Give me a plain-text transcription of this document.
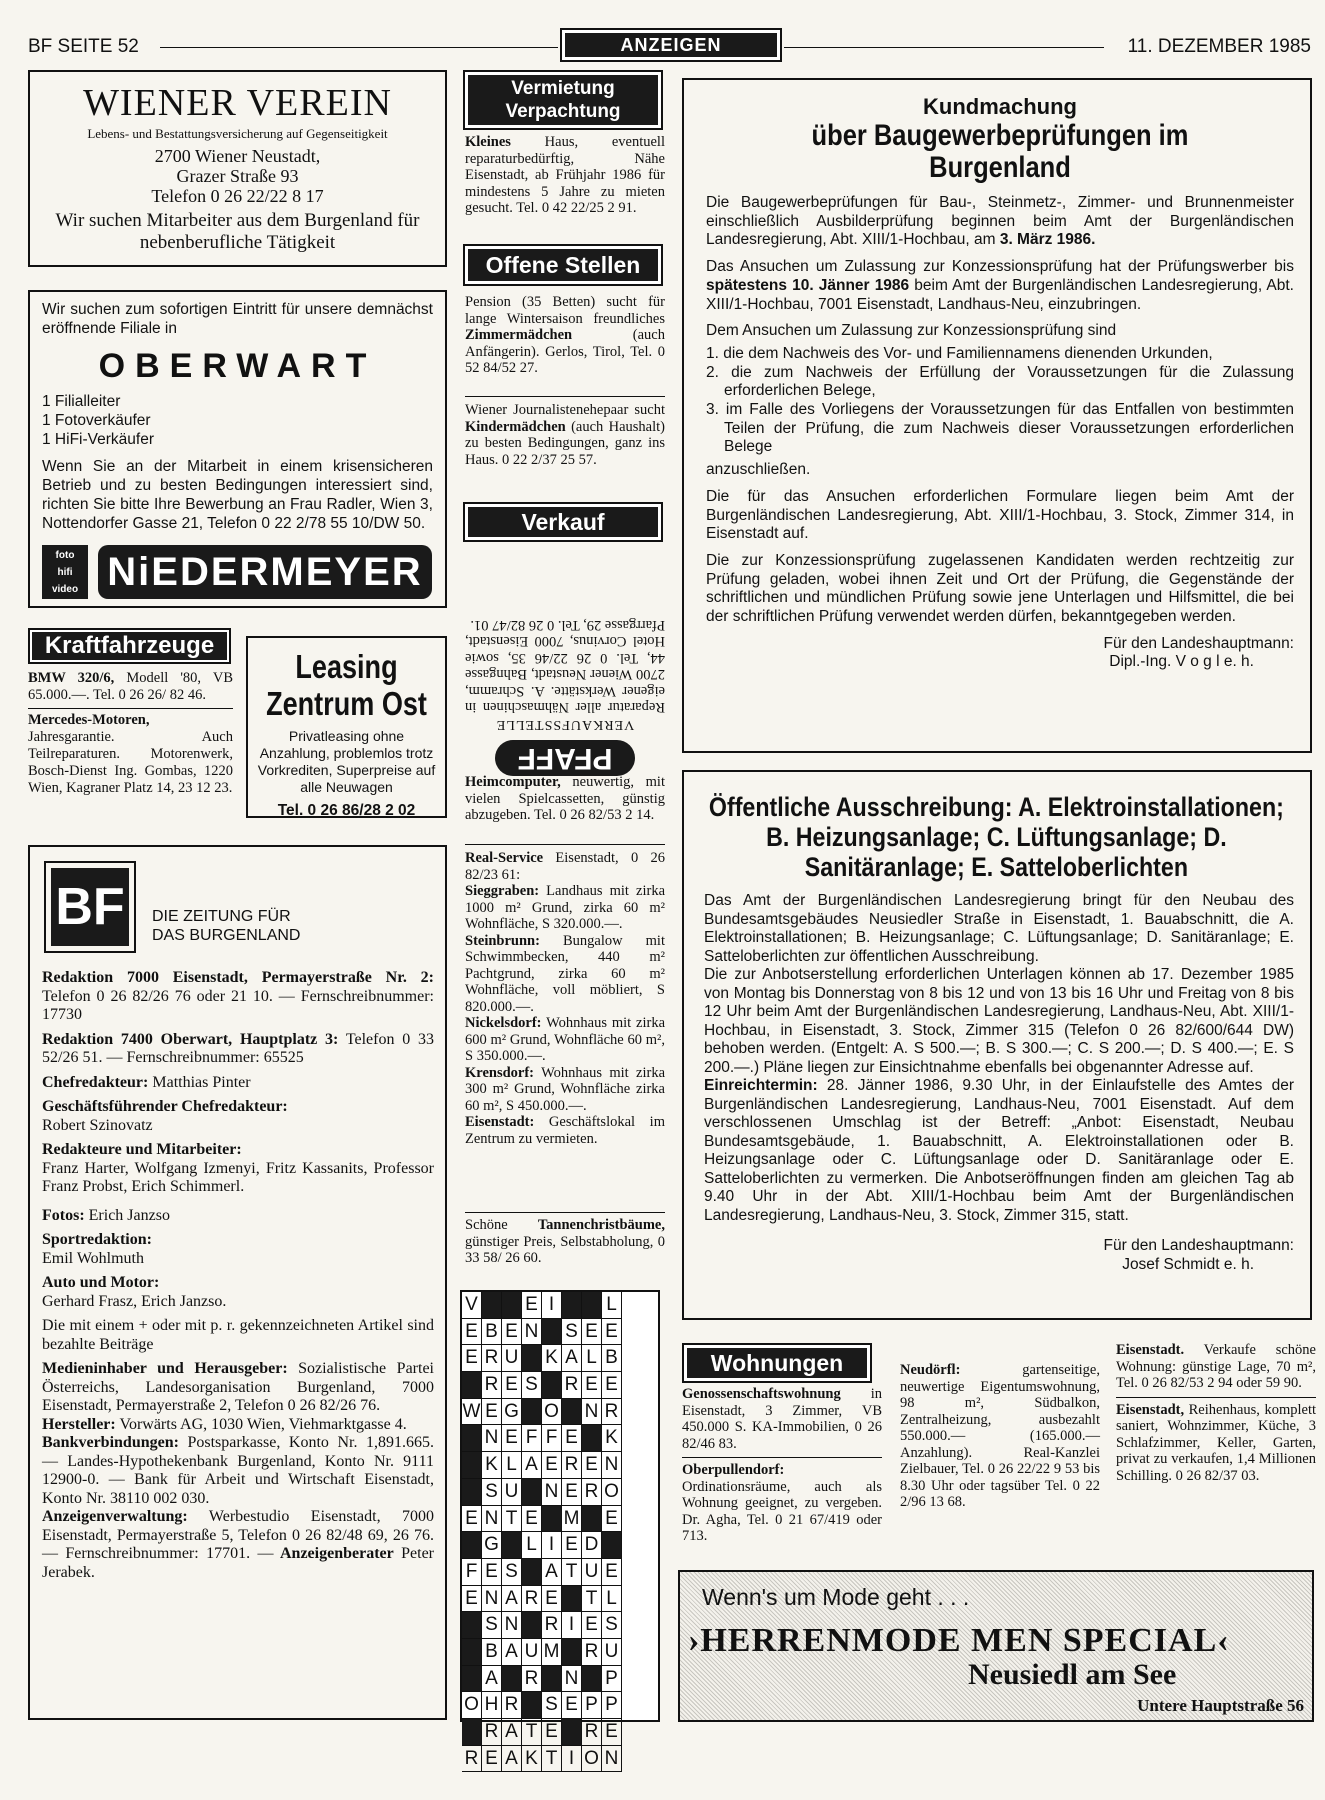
BF SEITE 52	ANZEIGEN	11. DEZEMBER 1985
WIENER VEREIN
Lebens- und Bestattungsversicherung auf Gegenseitigkeit
2700 Wiener Neustadt,
Grazer Straße 93
Telefon 0 26 22/22 8 17
Wir suchen Mitarbeiter aus dem Burgenland für nebenberufliche Tätigkeit

Wir suchen zum sofortigen Eintritt für unsere demnächst eröffnende Filiale in

OBERWART
1 Filialleiter
1 Fotoverkäufer
1 HiFi-Verkäufer

Wenn Sie an der Mitarbeit in einem krisensicheren Betrieb und zu besten Bedingungen interessiert sind, richten Sie bitte Ihre Bewerbung an Frau Radler, Wien 3, Nottendorfer Gasse 21, Telefon 0 22 2/78 55 10/DW 50.

foto
hifi
video NiEDERMEYER
Kraftfahrzeuge

BMW 320/6, Modell '80, VB 65.000.—. Tel. 0 26 26/ 82 46.

Mercedes-Motoren, Jahresgarantie. Auch Teilreparaturen. Motorenwerk, Bosch-Dienst Ing. Gombas, 1220 Wien, Kagraner Platz 14, 23 12 23.

Leasing
Zentrum Ost
Privatleasing ohne Anzahlung, problemlos trotz Vorkrediten, Superpreise auf alle Neuwagen
Tel. 0 26 86/28 2 02
BF DIE ZEITUNG FÜR
DAS BURGENLAND

Redaktion 7000 Eisenstadt, Permayerstraße Nr. 2: Telefon 0 26 82/26 76 oder 21 10. — Fernschreibnummer: 17730

Redaktion 7400 Oberwart, Hauptplatz 3: Telefon 0 33 52/26 51. — Fernschreibnummer: 65525

Chefredakteur: Matthias Pinter

Geschäftsführender Chefredakteur:
Robert Szinovatz

Redakteure und Mitarbeiter:
Franz Harter, Wolfgang Izmenyi, Fritz Kassanits, Professor Franz Probst, Erich Schimmerl.

Fotos: Erich Janzso

Sportredaktion:
Emil Wohlmuth

Auto und Motor:
Gerhard Frasz, Erich Janzso.

Die mit einem + oder mit p. r. gekennzeichneten Artikel sind bezahlte Beiträge

Medieninhaber und Herausgeber: Sozialistische Partei Österreichs, Landesorganisation Burgenland, 7000 Eisenstadt, Permayerstraße 2, Telefon 0 26 82/26 76.
Hersteller: Vorwärts AG, 1030 Wien, Viehmarktgasse 4.
Bankverbindungen: Postsparkasse, Konto Nr. 1,891.665. — Landes-Hypothekenbank Burgenland, Konto Nr. 9111 12900-0. — Bank für Arbeit und Wirtschaft Eisenstadt, Konto Nr. 38110 002 030.
Anzeigenverwaltung: Werbestudio Eisenstadt, 7000 Eisenstadt, Permayerstraße 5, Telefon 0 26 82/48 69, 26 76. — Fernschreibnummer: 17701. — Anzeigenberater Peter Jerabek.

Vermietung
Verpachtung
Kleines Haus, eventuell reparaturbedürftig, Nähe Eisenstadt, ab Frühjahr 1986 für mindestens 5 Jahre zu mieten gesucht. Tel. 0 42 22/25 2 91.
Offene Stellen
Pension (35 Betten) sucht für lange Wintersaison freundliches Zimmermädchen (auch Anfängerin). Gerlos, Tirol, Tel. 0 52 84/52 27.
Wiener Journalistenehepaar sucht Kindermädchen (auch Haushalt) zu besten Bedingungen, ganz ins Haus. 0 22 2/37 25 57.
Verkauf
PFAFF
VERKAUFSSTELLE
Reparatur aller Nähmaschinen in eigener Werkstätte. A. Schramm, 2700 Wiener Neustadt, Bahngasse 44, Tel. 0 26 22/46 35, sowie Hotel Corvinus, 7000 Eisenstadt, Pfarrgasse 29, Tel. 0 26 82/47 01.
Heimcomputer, neuwertig, mit vielen Spielcassetten, günstig abzugeben. Tel. 0 26 82/53 2 14.

Real-Service Eisenstadt, 0 26 82/23 61:

Sieggraben: Landhaus mit zirka 1000 m² Grund, zirka 60 m² Wohnfläche, S 320.000.—.

Steinbrunn: Bungalow mit Schwimmbecken, 440 m² Pachtgrund, zirka 60 m² Wohnfläche, voll möbliert, S 820.000.—.

Nickelsdorf: Wohnhaus mit zirka 600 m² Grund, Wohnfläche 60 m², S 350.000.—.

Krensdorf: Wohnhaus mit zirka 300 m² Grund, Wohnfläche zirka 60 m², S 450.000.—.

Eisenstadt: Geschäftslokal im Zentrum zu vermieten.

Schöne Tannenchristbäume, günstiger Preis, Selbstabholung, 0 33 58/ 26 60.
V E I	L
E B E N S E E
E R U K A L B
R E S R E E
W E G O N R
N E F F E K
K L A E R E N
S U N E R O
E N T E M E
G L I E D
F E S A T U E
E N A R E T L
S N R I E S
B A U M R U
A R N P
O H R S E P P
R A T E R E
R E A K T I O N
Kundmachung
über Baugewerbeprüfungen im Burgenland

Die Baugewerbeprüfungen für Bau-, Steinmetz-, Zimmer- und Brunnenmeister einschließlich Ausbilderprüfung beginnen beim Amt der Burgenländischen Landesregierung, Abt. XIII/1-Hochbau, am 3. März 1986.

Das Ansuchen um Zulassung zur Konzessionsprüfung hat der Prüfungswerber bis spätestens 10. Jänner 1986 beim Amt der Burgenländischen Landesregierung, Abt. XIII/1-Hochbau, 7001 Eisenstadt, Landhaus-Neu, einzubringen.

Dem Ansuchen um Zulassung zur Konzessionsprüfung sind

1. die dem Nachweis des Vor- und Familiennamens dienenden Urkunden,
2. die zum Nachweis der Erfüllung der Voraussetzungen für die Zulassung erforderlichen Belege,
3. im Falle des Vorliegens der Voraussetzungen für das Entfallen von bestimmten Teilen der Prüfung, die zum Nachweis dieser Voraussetzungen erforderlichen Belege

anzuschließen.

Die für das Ansuchen erforderlichen Formulare liegen beim Amt der Burgenländischen Landesregierung, Abt. XIII/1-Hochbau, 3. Stock, Zimmer 314, in Eisenstadt auf.

Die zur Konzessionsprüfung zugelassenen Kandidaten werden rechtzeitig zur Prüfung geladen, wobei ihnen Zeit und Ort der Prüfung, die Gegenstände der schriftlichen und mündlichen Prüfung sowie jene Unterlagen und Hilfsmittel, die bei der schriftlichen Prüfung verwendet werden dürfen, bekanntgegeben werden.

Für den Landeshauptmann:
Dipl.-Ing. V o g l e. h.
Öffentliche Ausschreibung: A. Elektroinstallationen; B. Heizungsanlage; C. Lüftungsanlage; D. Sanitäranlage; E. Satteloberlichten

Das Amt der Burgenländischen Landesregierung bringt für den Neubau des Bundesamtsgebäudes Neusiedler Straße in Eisenstadt, 1. Bauabschnitt, die A. Elektroinstallationen; B. Heizungsanlage; C. Lüftungsanlage; D. Sanitäranlage; E. Satteloberlichten zur öffentlichen Ausschreibung.

Die zur Anbotserstellung erforderlichen Unterlagen können ab 17. Dezember 1985 von Montag bis Donnerstag von 8 bis 12 und von 13 bis 16 Uhr und Freitag von 8 bis 12 Uhr beim Amt der Burgenländischen Landesregierung, Landhaus-Neu, Abt. XIII/1-Hochbau, in Eisenstadt, 3. Stock, Zimmer 315 (Telefon 0 26 82/600/644 DW) behoben werden. (Entgelt: A. S 500.—; B. S 300.—; C. S 200.—; D. S 400.—; E. S 200.—.) Pläne liegen zur Einsichtnahme ebenfalls bei obgenannter Adresse auf.

Einreichtermin: 28. Jänner 1986, 9.30 Uhr, in der Einlaufstelle des Amtes der Burgenländischen Landesregierung, Landhaus-Neu, 7001 Eisenstadt. Auf dem verschlossenen Umschlag ist der Betreff: „Anbot: Eisenstadt, Neubau Bundesamtsgebäude, 1. Bauabschnitt, A. Elektroinstallationen oder B. Heizungsanlage oder C. Lüftungsanlage oder D. Sanitäranlage oder E. Satteloberlichten zu vermerken. Die Anbotseröffnungen finden am gleichen Tag ab 9.40 Uhr in der Abt. XIII/1-Hochbau beim Amt der Burgenländischen Landesregierung, Landhaus-Neu, 3. Stock, Zimmer 315, statt.

Für den Landeshauptmann:
Josef Schmidt e. h.
Wohnungen

Genossenschaftswohnung in Eisenstadt, 3 Zimmer, VB 450.000 S. KA-Immobilien, 0 26 82/46 83.

Oberpullendorf: Ordinationsräume, auch als Wohnung geeignet, zu vergeben. Dr. Agha, Tel. 0 21 67/419 oder 713.

Neudörfl: gartenseitige, neuwertige Eigentumswohnung, 98 m², Südbalkon, Zentralheizung, ausbezahlt 550.000.— (165.000.— Anzahlung). Real-Kanzlei Zielbauer, Tel. 0 26 22/22 9 53 bis 8.30 Uhr oder tagsüber Tel. 0 22 2/96 13 68.

Eisenstadt. Verkaufe schöne Wohnung: günstige Lage, 70 m², Tel. 0 26 82/53 2 94 oder 59 90.

Eisenstadt, Reihenhaus, komplett saniert, Wohnzimmer, Küche, 3 Schlafzimmer, Keller, Garten, privat zu verkaufen, 1,4 Millionen Schilling. 0 26 82/37 03.

Wenn's um Mode geht . . .
›HERRENMODE MEN SPECIAL‹
Neusiedl am See
Untere Hauptstraße 56
